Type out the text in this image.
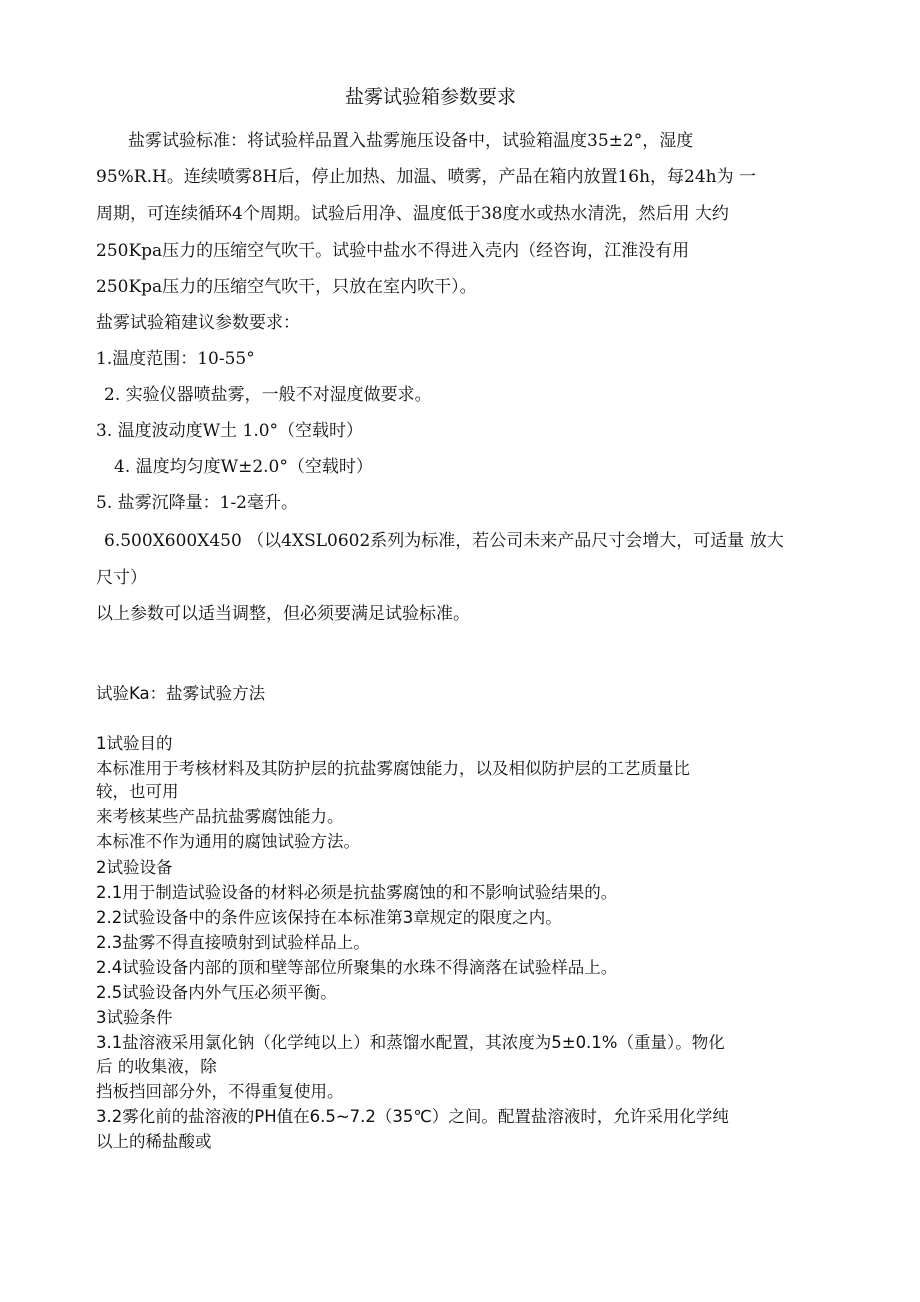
盐雾试验箱参数要求
盐雾试验标准：将试验样品置入盐雾施压设备中，试验箱温度35±2°，湿度
95%R.H。连续喷雾8H后，停止加热、加温、喷雾，产品在箱内放置16h，每24h为 一
周期，可连续循环4个周期。试验后用净、温度低于38度水或热水清洗，然后用 大约
250Kpa压力的压缩空气吹干。试验中盐水不得进入壳内（经咨询，江淮没有用
250Kpa压力的压缩空气吹干，只放在室内吹干）。
盐雾试验箱建议参数要求：
1.温度范围：10-55°
2. 实验仪器喷盐雾，一般不对湿度做要求。
3. 温度波动度W土 1.0°（空载时）
4. 温度均匀度W±2.0°（空载时）
5. 盐雾沉降量：1-2毫升。
6.500X600X450 （以4XSL0602系列为标准，若公司未来产品尺寸会增大，可适量 放大
尺寸）
以上参数可以适当调整，但必须要满足试验标准。
试验Ka：盐雾试验方法
1试验目的
本标准用于考核材料及其防护层的抗盐雾腐蚀能力，以及相似防护层的工艺质量比
较，也可用
来考核某些产品抗盐雾腐蚀能力。
本标准不作为通用的腐蚀试验方法。
2试验设备
2.1用于制造试验设备的材料必须是抗盐雾腐蚀的和不影响试验结果的。
2.2试验设备中的条件应该保持在本标准第3章规定的限度之内。
2.3盐雾不得直接喷射到试验样品上。
2.4试验设备内部的顶和壁等部位所聚集的水珠不得滴落在试验样品上。
2.5试验设备内外气压必须平衡。
3试验条件
3.1盐溶液采用氯化钠（化学纯以上）和蒸馏水配置，其浓度为5±0.1%（重量）。物化
后 的收集液，除
挡板挡回部分外，不得重复使用。
3.2雾化前的盐溶液的PH值在6.5~7.2（35℃）之间。配置盐溶液时，允许采用化学纯
以上的稀盐酸或
